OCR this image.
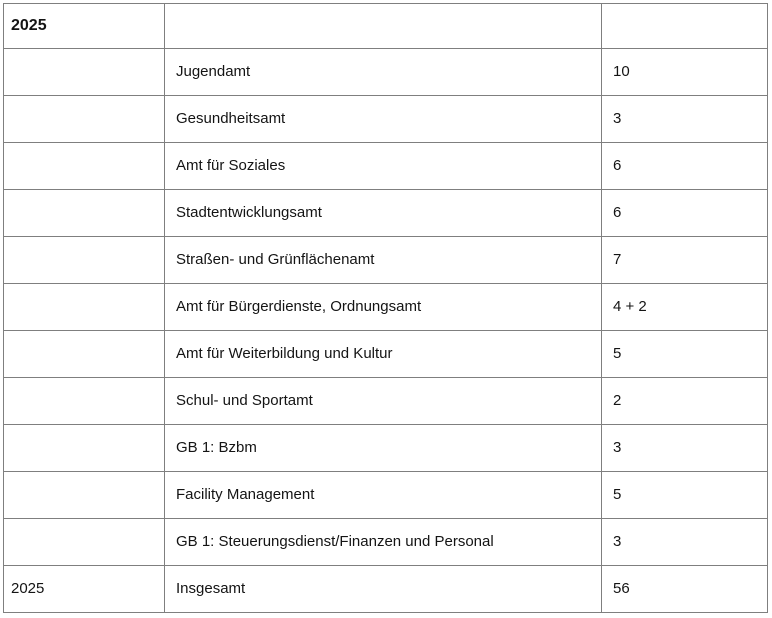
2025		
	Jugendamt	10
	Gesundheitsamt	3
	Amt für Soziales	6
	Stadtentwicklungsamt	6
	Straßen- und Grünflächenamt	7
	Amt für Bürgerdienste, Ordnungsamt	4 + 2
	Amt für Weiterbildung und Kultur	5
	Schul- und Sportamt	2
	GB 1: Bzbm	3
	Facility Management	5
	GB 1: Steuerungsdienst/Finanzen und Personal	3
2025	Insgesamt	56
